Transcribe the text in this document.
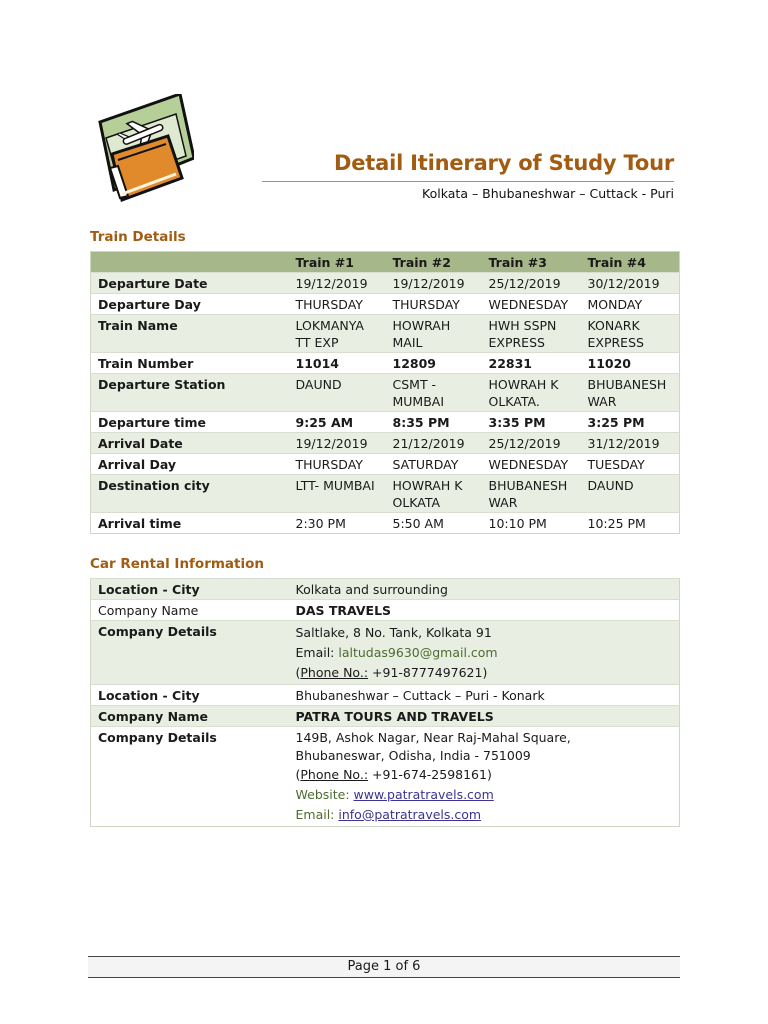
Detail Itinerary of Study Tour
Kolkata – Bhubaneshwar – Cuttack - Puri
Train Details
	Train #1	Train #2	Train #3	Train #4
Departure Date	19/12/2019	19/12/2019	25/12/2019	30/12/2019
Departure Day	THURSDAY	THURSDAY	WEDNESDAY	MONDAY
Train Name	LOKMANYA TT EXP	HOWRAH MAIL	HWH SSPN EXPRESS	KONARK EXPRESS
Train Number	11014	12809	22831	11020
Departure Station	DAUND	CSMT - MUMBAI	HOWRAH K OLKATA.	BHUBANESH WAR
Departure time	9:25 AM	8:35 PM	3:35 PM	3:25 PM
Arrival Date	19/12/2019	21/12/2019	25/12/2019	31/12/2019
Arrival Day	THURSDAY	SATURDAY	WEDNESDAY	TUESDAY
Destination city	LTT- MUMBAI	HOWRAH K OLKATA	BHUBANESH WAR	DAUND
Arrival time	2:30 PM	5:50 AM	10:10 PM	10:25 PM
Car Rental Information
Location - City	Kolkata and surrounding
Company Name	DAS TRAVELS
Company Details	Saltlake, 8 No. Tank, Kolkata 91
Email: laltudas9630@gmail.com
(Phone No.: +91-8777497621)

Location - City	Bhubaneshwar – Cuttack – Puri - Konark
Company Name	PATRA TOURS AND TRAVELS
Company Details	149B, Ashok Nagar, Near Raj-Mahal Square,
Bhubaneswar, Odisha, India - 751009
(Phone No.: +91-674-2598161)
Website: www.patratravels.com
Email: info@patratravels.com
Page 1 of 6
